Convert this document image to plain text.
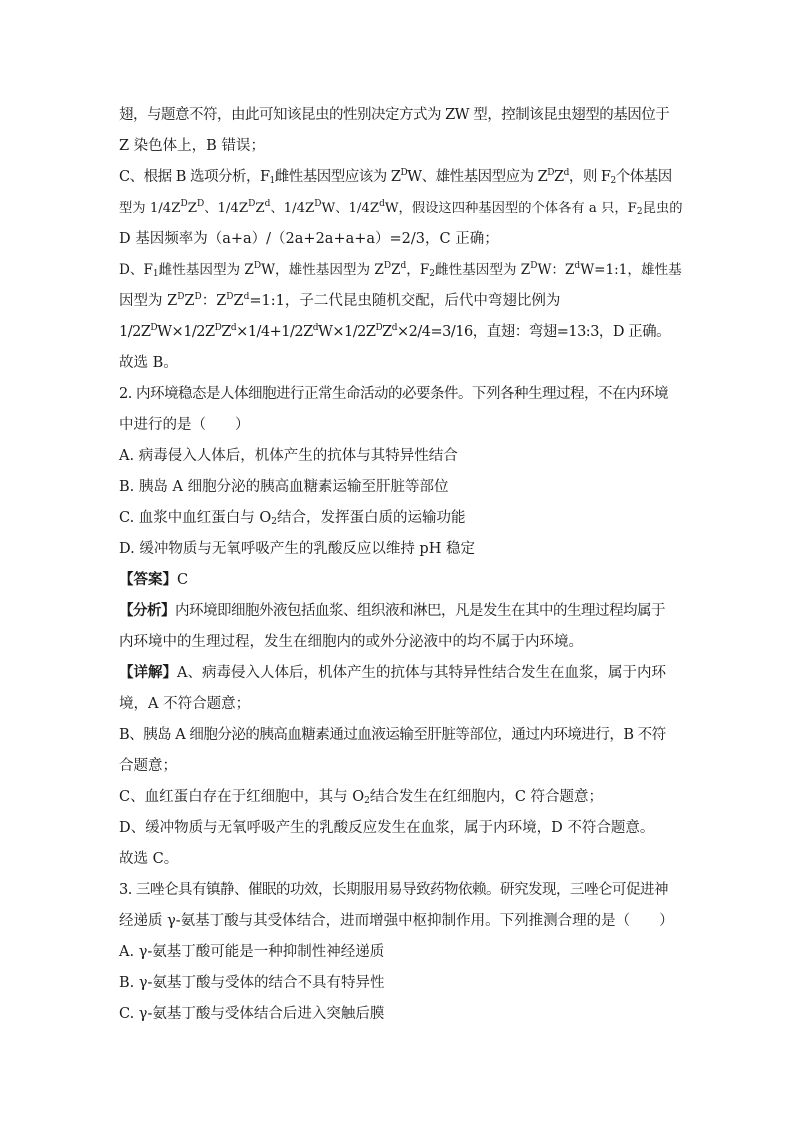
翅，与题意不符，由此可知该昆虫的性别决定方式为 ZW 型，控制该昆虫翅型的基因位于
Z 染色体上，B 错误；
C、根据 B 选项分析，$F_1$雌性基因型应该为 $Z^DW$、雄性基因型应为 $Z^DZ^d$，则 $F_2$个体基因
型为 $1/4Z^DZ^D$、$1/4Z^DZ^d$、$1/4Z^DW$、$1/4Z^dW$，假设这四种基因型的个体各有 a 只，$F_2$昆虫的
D 基因频率为（a+a）/（2a+2a+a+a）=2/3，C 正确；
D、$F_1$雌性基因型为 $Z^DW$，雄性基因型为 $Z^DZ^d$，$F_2$雌性基因型为 $Z^DW$：$Z^dW=1:1$，雄性基
因型为 $Z^DZ^D$：$Z^DZ^d=1:1$，子二代昆虫随机交配，后代中弯翅比例为
$1/2Z^DW\times 1/2Z^DZ^d\times 1/4+1/2Z^dW\times 1/2Z^DZ^d\times 2/4=3/16$，直翅：弯翅=13:3，D 正确。
故选 B。
2. 内环境稳态是人体细胞进行正常生命活动的必要条件。下列各种生理过程，不在内环境
中进行的是（　　）
A. 病毒侵入人体后，机体产生的抗体与其特异性结合
B. 胰岛 A 细胞分泌的胰高血糖素运输至肝脏等部位
C. 血浆中血红蛋白与 $O_2$结合，发挥蛋白质的运输功能
D. 缓冲物质与无氧呼吸产生的乳酸反应以维持 pH 稳定
【答案】C
【分析】内环境即细胞外液包括血浆、组织液和淋巴，凡是发生在其中的生理过程均属于
内环境中的生理过程，发生在细胞内的或外分泌液中的均不属于内环境。
【详解】A、病毒侵入人体后，机体产生的抗体与其特异性结合发生在血浆，属于内环
境，A 不符合题意；
B、胰岛 A 细胞分泌的胰高血糖素通过血液运输至肝脏等部位，通过内环境进行，B 不符
合题意；
C、血红蛋白存在于红细胞中，其与 $O_2$结合发生在红细胞内，C 符合题意；
D、缓冲物质与无氧呼吸产生的乳酸反应发生在血浆，属于内环境，D 不符合题意。
故选 C。
3. 三唑仑具有镇静、催眠的功效，长期服用易导致药物依赖。研究发现，三唑仑可促进神
经递质 γ-氨基丁酸与其受体结合，进而增强中枢抑制作用。下列推测合理的是（　　）
A. γ-氨基丁酸可能是一种抑制性神经递质
B. γ-氨基丁酸与受体的结合不具有特异性
C. γ-氨基丁酸与受体结合后进入突触后膜
